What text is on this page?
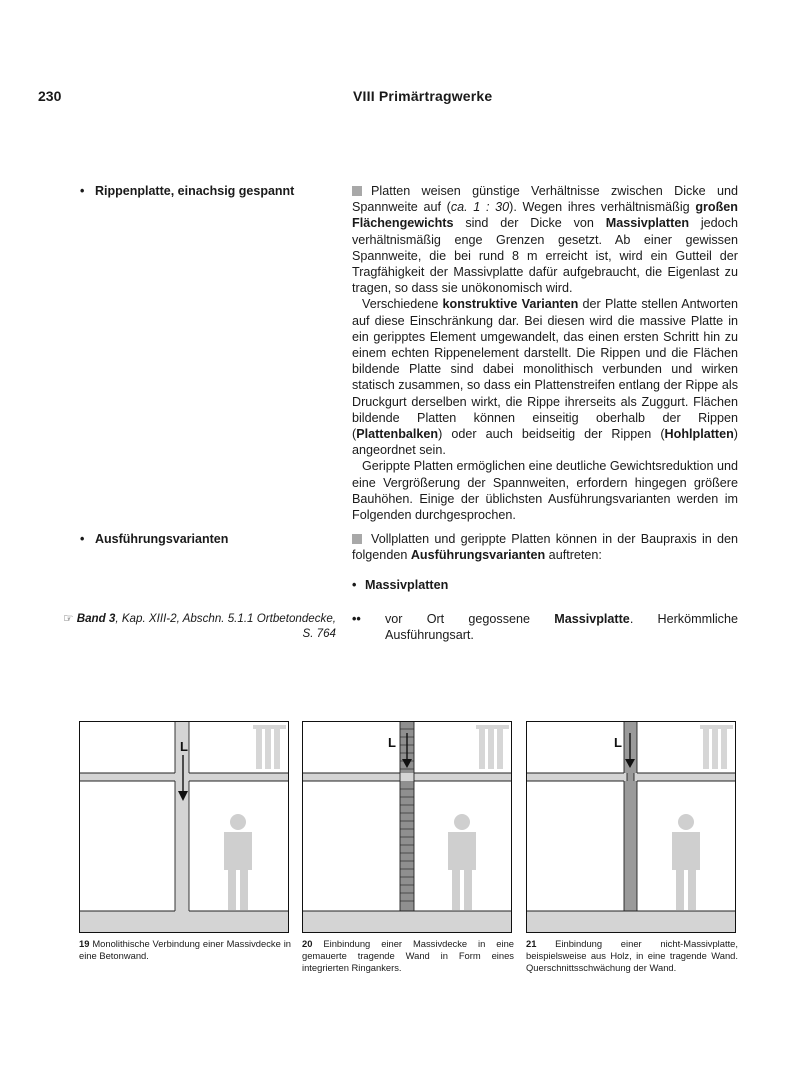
230	VIII Primärtragwerke
• Rippenplatte, einachsig gespannt	Platten weisen günstige Verhältnisse zwischen Dicke und Spannweite auf (ca. 1 : 30). Wegen ihres verhältnismäßig großen Flächengewichts sind der Dicke von Massivplatten jedoch verhältnismäßig enge Grenzen gesetzt. Ab einer gewissen Spannweite, die bei rund 8 m erreicht ist, wird ein Gutteil der Tragfähigkeit der Massivplatte dafür aufgebraucht, die Eigenlast zu tragen, so dass sie unökonomisch wird.

Verschiedene konstruktive Varianten der Platte stellen Antworten auf diese Einschränkung dar. Bei diesen wird die massive Platte in ein geripptes Element umgewandelt, das einen ersten Schritt hin zu einem echten Rippenelement darstellt. Die Rippen und die Flächen bildende Platte sind dabei monolithisch verbunden und wirken statisch zusammen, so dass ein Plattenstreifen entlang der Rippe als Druckgurt derselben wirkt, die Rippe ihrerseits als Zuggurt. Flächen bildende Platten können einseitig oberhalb der Rippen (Plattenbalken) oder auch beidseitig der Rippen (Hohlplatten) angeordnet sein.

Gerippte Platten ermöglichen eine deutliche Gewichtsreduktion und eine Vergrößerung der Spannweiten, erfordern hingegen größere Bauhöhen. Einige der üblichsten Ausführungsvarianten werden im Folgenden durchgesprochen.

• Ausführungsvarianten	Vollplatten und gerippte Platten können in der Baupraxis in den folgenden Ausführungsvarianten auftreten:

• Massivplatten
•• vor Ort gegossene Massivplatte. Herkömmliche Ausführungsart.
☞ Band 3, Kap. XIII-2, Abschn. 5.1.1 Ortbetondecke, S. 764
L
19 Monolithische Verbindung einer Massivdecke in eine Betonwand.
L
20 Einbindung einer Massivdecke in eine gemauerte tragende Wand in Form eines integrierten Ringankers.
L
21 Einbindung einer nicht-Massivplatte, beispielsweise aus Holz, in eine tragende Wand. Querschnittsschwächung der Wand.
